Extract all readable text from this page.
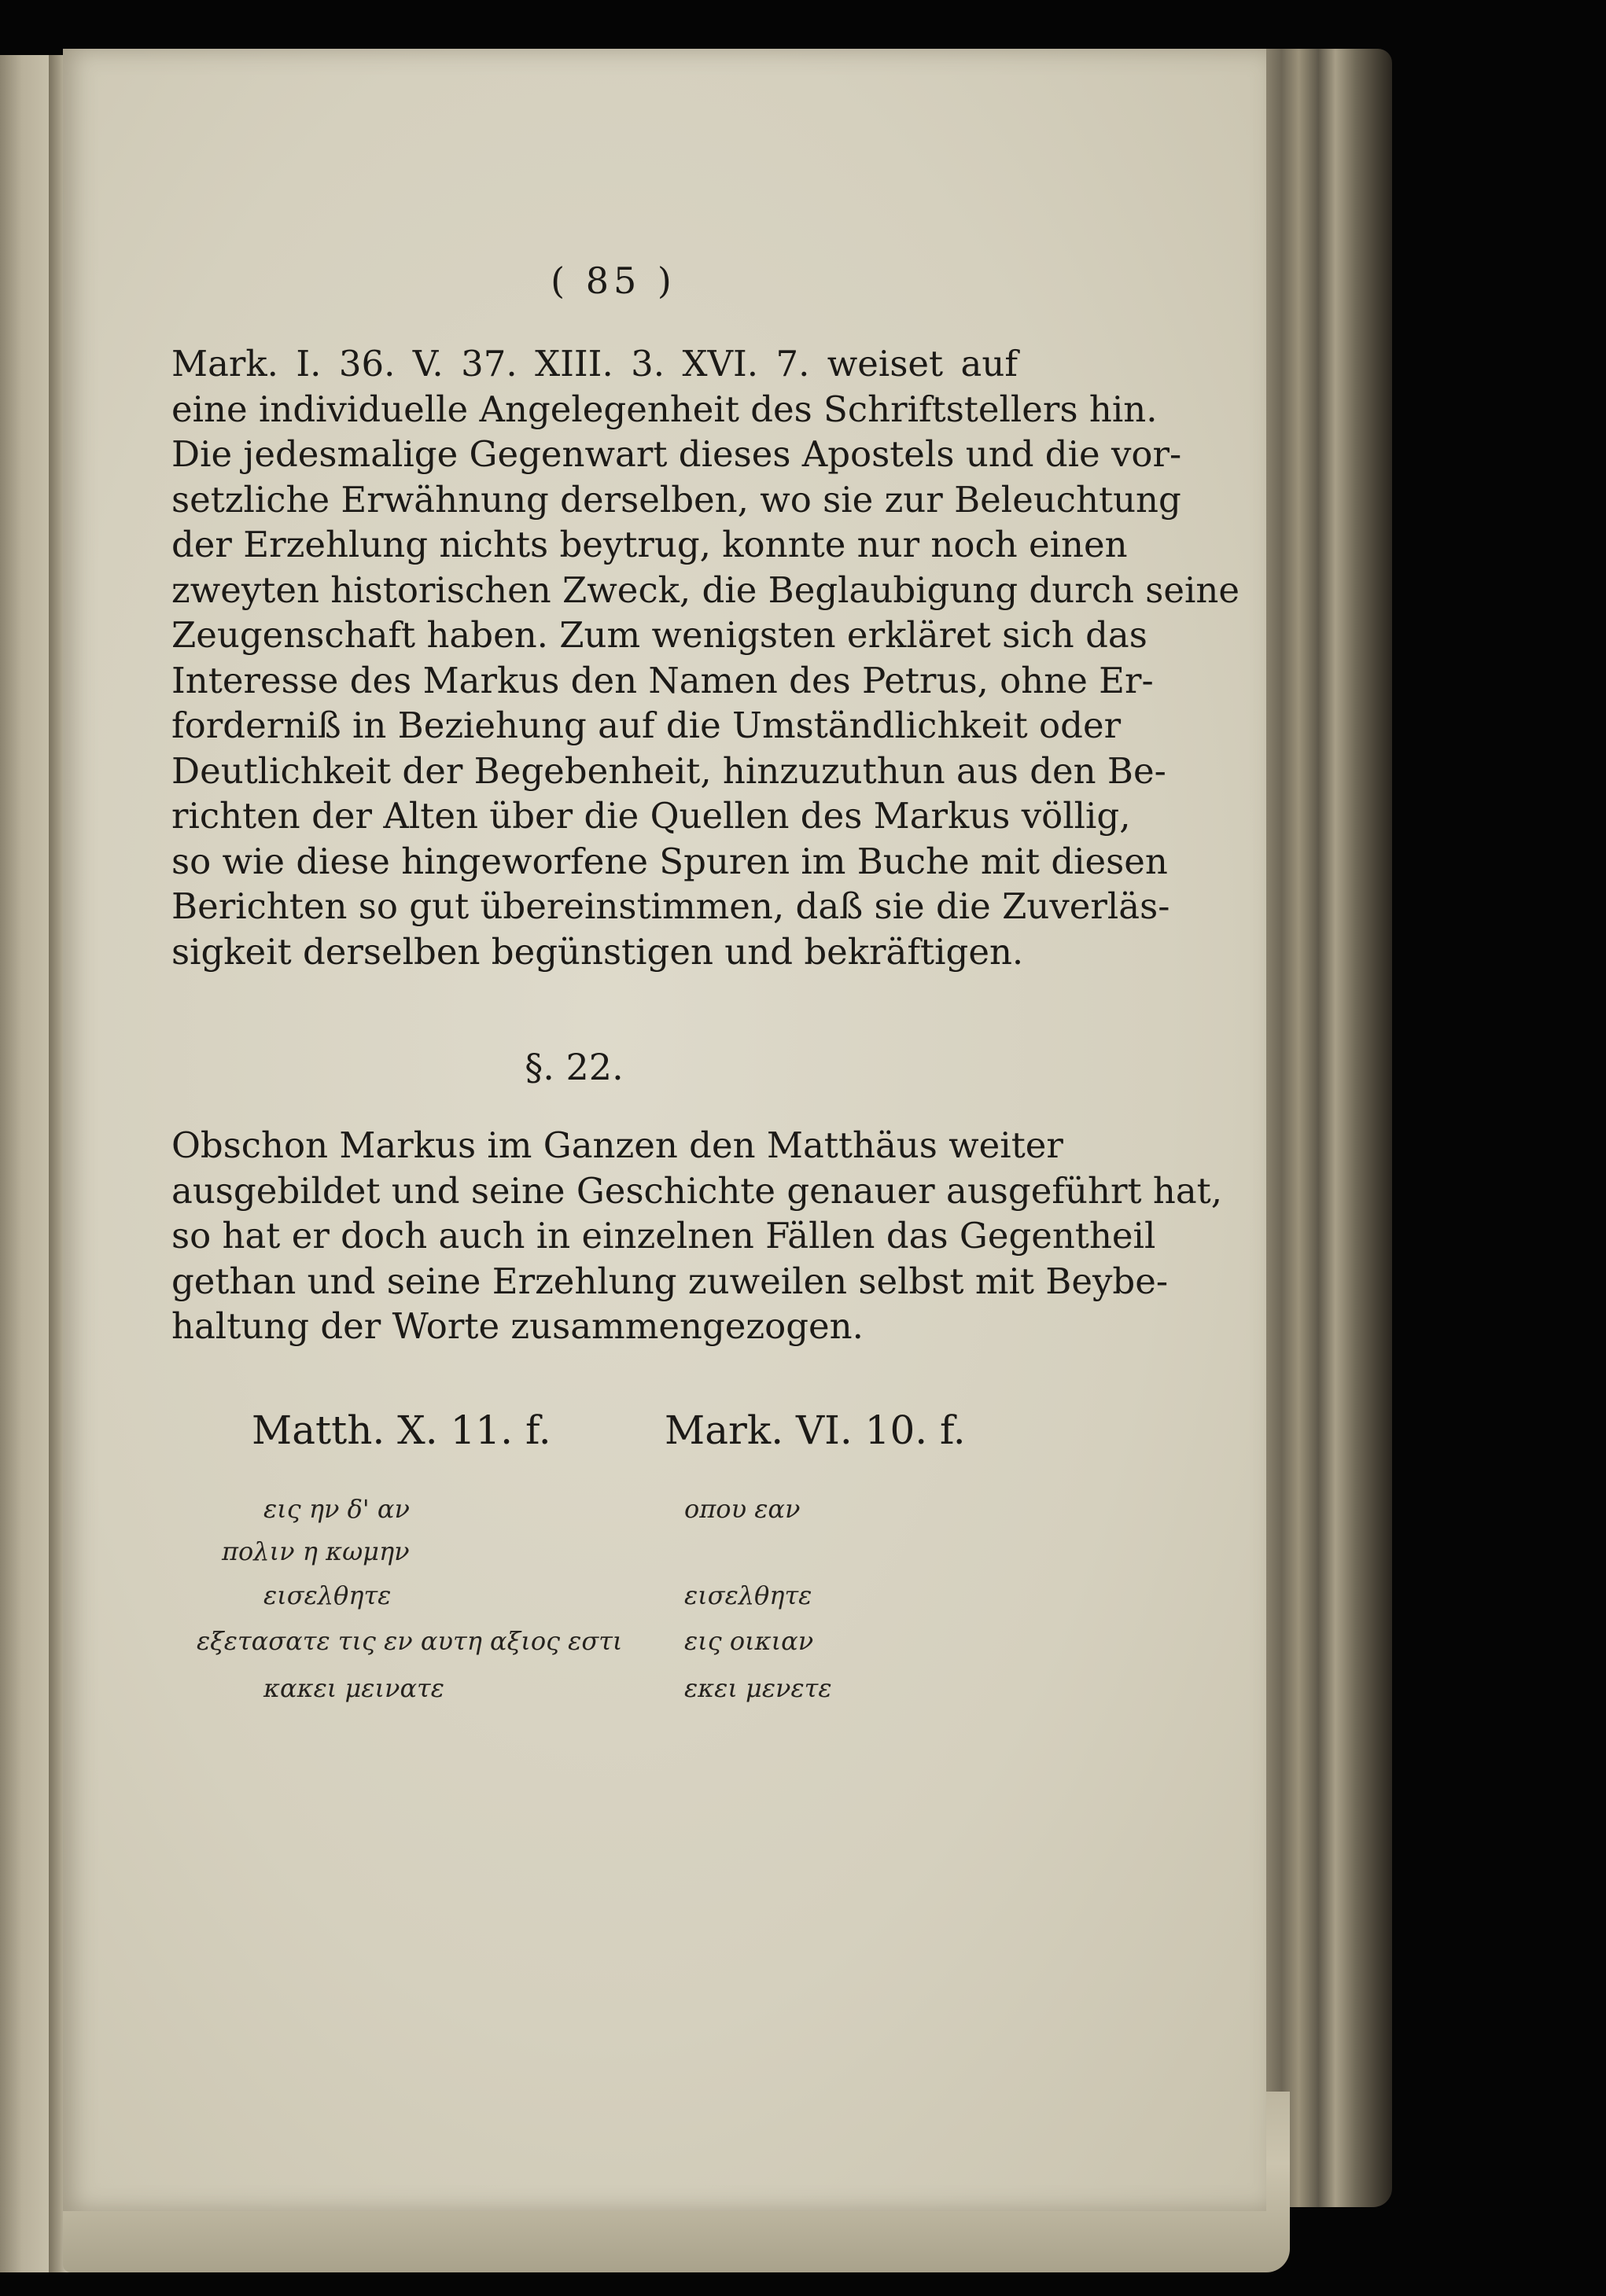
( 85 )
Mark. I. 36. V. 37. XIII. 3. XVI. 7. weiset auf
eine individuelle Angelegenheit des Schriftstellers hin.
Die jedesmalige Gegenwart dieses Apostels und die vor-
setzliche Erwähnung derselben, wo sie zur Beleuchtung
der Erzehlung nichts beytrug, konnte nur noch einen
zweyten historischen Zweck, die Beglaubigung durch seine
Zeugenschaft haben. Zum wenigsten erkläret sich das
Interesse des Markus den Namen des Petrus, ohne Er-
forderniß in Beziehung auf die Umständlichkeit oder
Deutlichkeit der Begebenheit, hinzuzuthun aus den Be-
richten der Alten über die Quellen des Markus völlig,
so wie diese hingeworfene Spuren im Buche mit diesen
Berichten so gut übereinstimmen, daß sie die Zuverläs-
sigkeit derselben begünstigen und bekräftigen.
§. 22.
Obschon Markus im Ganzen den Matthäus weiter
ausgebildet und seine Geschichte genauer ausgeführt hat,
so hat er doch auch in einzelnen Fällen das Gegentheil
gethan und seine Erzehlung zuweilen selbst mit Beybe-
haltung der Worte zusammengezogen.
Matth. X. 11. f.	Mark. VI. 10. f.
εις ην δ' αν
πολιν η κωμην
εισελθητε
εξετασατε τις εν αυτη αξιος εστι
κακει μεινατε
οπου εαν
εισελθητε
εις οικιαν
εκει μενετε
